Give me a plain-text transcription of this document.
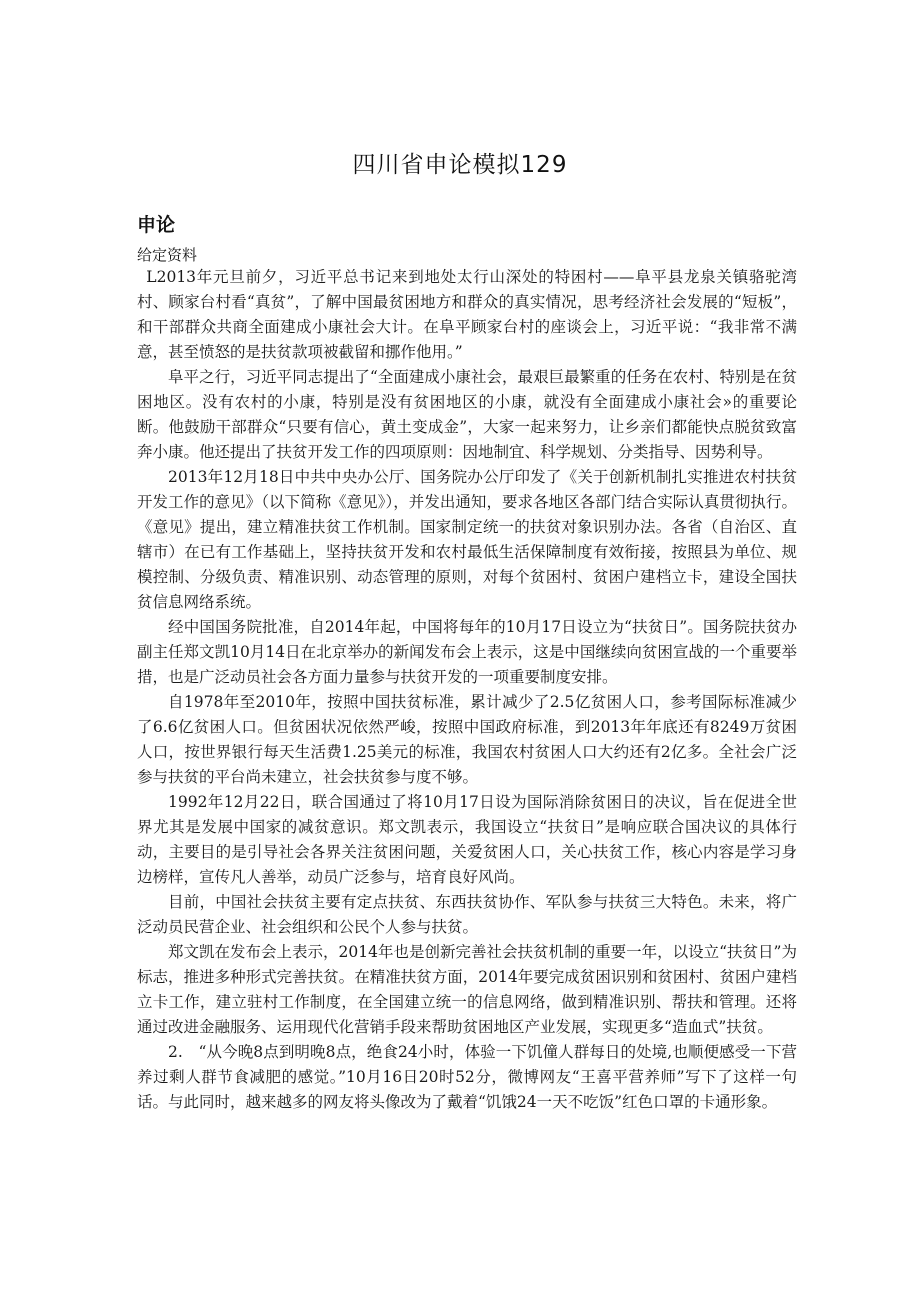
四川省申论模拟129
申论
给定资料

L2013年元旦前夕，习近平总书记来到地处太行山深处的特困村——阜平县龙泉关镇骆驼湾村、顾家台村看“真贫”，了解中国最贫困地方和群众的真实情况，思考经济社会发展的“短板”，和干部群众共商全面建成小康社会大计。在阜平顾家台村的座谈会上，习近平说：“我非常不满意，甚至愤怒的是扶贫款项被截留和挪作他用。”

阜平之行，习近平同志提出了“全面建成小康社会，最艰巨最繁重的任务在农村、特别是在贫困地区。没有农村的小康，特别是没有贫困地区的小康，就没有全面建成小康社会»的重要论断。他鼓励干部群众“只要有信心，黄土变成金”，大家一起来努力，让乡亲们都能快点脱贫致富奔小康。他还提出了扶贫开发工作的四项原则：因地制宜、科学规划、分类指导、因势利导。

2013年12月18日中共中央办公厅、国务院办公厅印发了《关于创新机制扎实推进农村扶贫开发工作的意见》（以下简称《意见》），并发出通知，要求各地区各部门结合实际认真贯彻执行。《意见》提出，建立精准扶贫工作机制。国家制定统一的扶贫对象识别办法。各省（自治区、直辖市）在已有工作基础上，坚持扶贫开发和农村最低生活保障制度有效衔接，按照县为单位、规模控制、分级负责、精准识别、动态管理的原则，对每个贫困村、贫困户建档立卡，建设全国扶贫信息网络系统。

经中国国务院批准，自2014年起，中国将每年的10月17日设立为“扶贫日”。国务院扶贫办副主任郑文凯10月14日在北京举办的新闻发布会上表示，这是中国继续向贫困宣战的一个重要举措，也是广泛动员社会各方面力量参与扶贫开发的一项重要制度安排。

自1978年至2010年，按照中国扶贫标准，累计减少了2.5亿贫困人口，参考国际标准减少了6.6亿贫困人口。但贫困状况依然严峻，按照中国政府标准，到2013年年底还有8249万贫困人口，按世界银行每天生活费1.25美元的标准，我国农村贫困人口大约还有2亿多。全社会广泛参与扶贫的平台尚未建立，社会扶贫参与度不够。

1992年12月22日，联合国通过了将10月17日设为国际消除贫困日的决议，旨在促进全世界尤其是发展中国家的减贫意识。郑文凯表示，我国设立“扶贫日”是响应联合国决议的具体行动，主要目的是引导社会各界关注贫困问题，关爱贫困人口，关心扶贫工作，核心内容是学习身边榜样，宣传凡人善举，动员广泛参与，培育良好风尚。

目前，中国社会扶贫主要有定点扶贫、东西扶贫协作、军队参与扶贫三大特色。未来，将广泛动员民营企业、社会组织和公民个人参与扶贫。

郑文凯在发布会上表示，2014年也是创新完善社会扶贫机制的重要一年，以设立“扶贫日”为标志，推进多种形式完善扶贫。在精准扶贫方面，2014年要完成贫困识别和贫困村、贫困户建档立卡工作，建立驻村工作制度，在全国建立统一的信息网络，做到精准识别、帮扶和管理。还将通过改进金融服务、运用现代化营销手段来帮助贫困地区产业发展，实现更多“造血式”扶贫。

2.　“从今晚8点到明晚8点，绝食24小时，体验一下饥僮人群每日的处境,也顺便感受一下营养过剩人群节食减肥的感觉。”10月16日20时52分，微博网友“王喜平营养师”写下了这样一句话。与此同时，越来越多的网友将头像改为了戴着“饥饿24一天不吃饭”红色口罩的卡通形象。
